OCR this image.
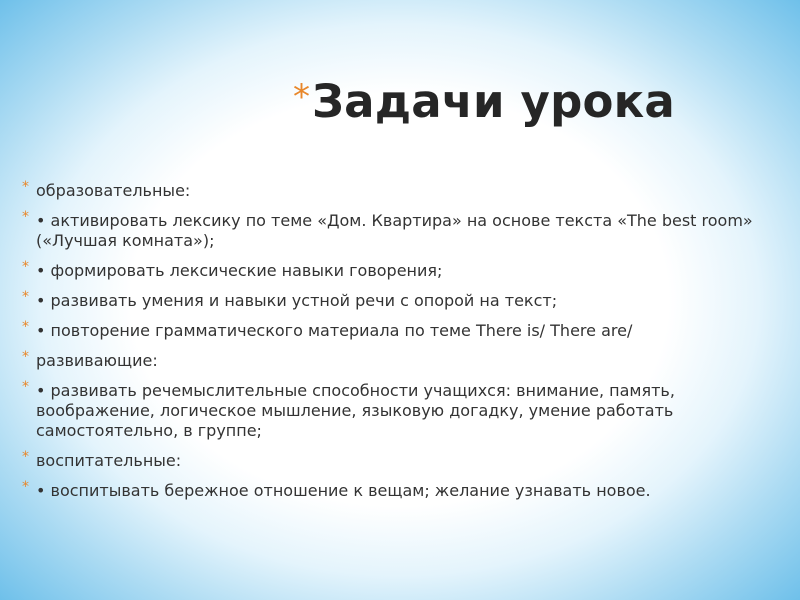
* Задачи урока
* образовательные:
* • активировать лексику по теме «Дом. Квартира» на основе текста «The best room» («Лучшая комната»);
* • формировать лексические навыки говорения;
* • развивать умения и навыки устной речи с опорой на текст;
* • повторение грамматического материала по теме There is/ There are/
* развивающие:
* • развивать речемыслительные способности учащихся: внимание, память, воображение, логическое мышление, языковую догадку, умение работать самостоятельно, в группе;
* воспитательные:
* • воспитывать бережное отношение к вещам; желание узнавать новое.
